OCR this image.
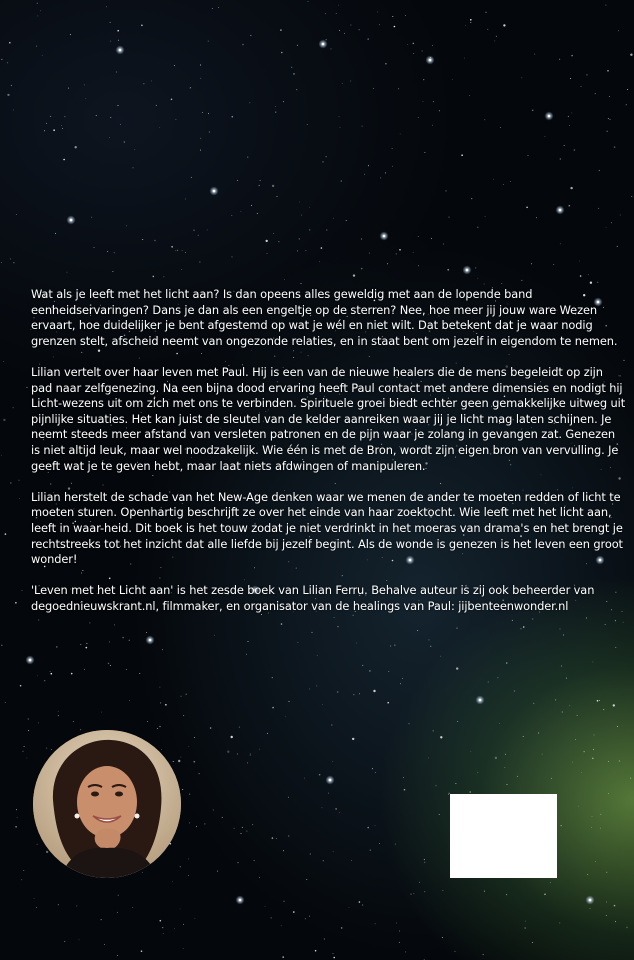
Wat als je leeft met het licht aan? Is dan opeens alles geweldig met aan de lopende band eenheidservaringen? Dans je dan als een engeltje op de sterren? Nee, hoe meer jij jouw ware Wezen ervaart, hoe duidelijker je bent afgestemd op wat je wél en niet wilt. Dat betekent dat je waar nodig grenzen stelt, afscheid neemt van ongezonde relaties, en in staat bent om jezelf in eigendom te nemen.

Lilian vertelt over haar leven met Paul. Hij is een van de nieuwe healers die de mens begeleidt op zijn pad naar zelfgenezing. Na een bijna dood ervaring heeft Paul contact met andere dimensies en nodigt hij Licht-wezens uit om zich met ons te verbinden. Spirituele groei biedt echter geen gemakkelijke uitweg uit pijnlijke situaties. Het kan juist de sleutel van de kelder aanreiken waar jij je licht mag laten schijnen. Je neemt steeds meer afstand van versleten patronen en de pijn waar je zolang in gevangen zat. Genezen is niet altijd leuk, maar wel noodzakelijk. Wie één is met de Bron, wordt zijn eigen bron van vervulling. Je geeft wat je te geven hebt, maar laat niets afdwingen of manipuleren.

Lilian herstelt de schade van het New-Age denken waar we menen de ander te moeten redden of licht te moeten sturen. Openhartig beschrijft ze over het einde van haar zoektocht. Wie leeft met het licht aan, leeft in waar-heid. Dit boek is het touw zodat je niet verdrinkt in het moeras van drama's en het brengt je rechtstreeks tot het inzicht dat alle liefde bij jezelf begint. Als de wonde is genezen is het leven een groot wonder!

'Leven met het Licht aan' is het zesde boek van Lilian Ferru. Behalve auteur is zij ook beheerder van degoednieuwskrant.nl, filmmaker, en organisator van de healings van Paul: jijbenteenwonder.nl
